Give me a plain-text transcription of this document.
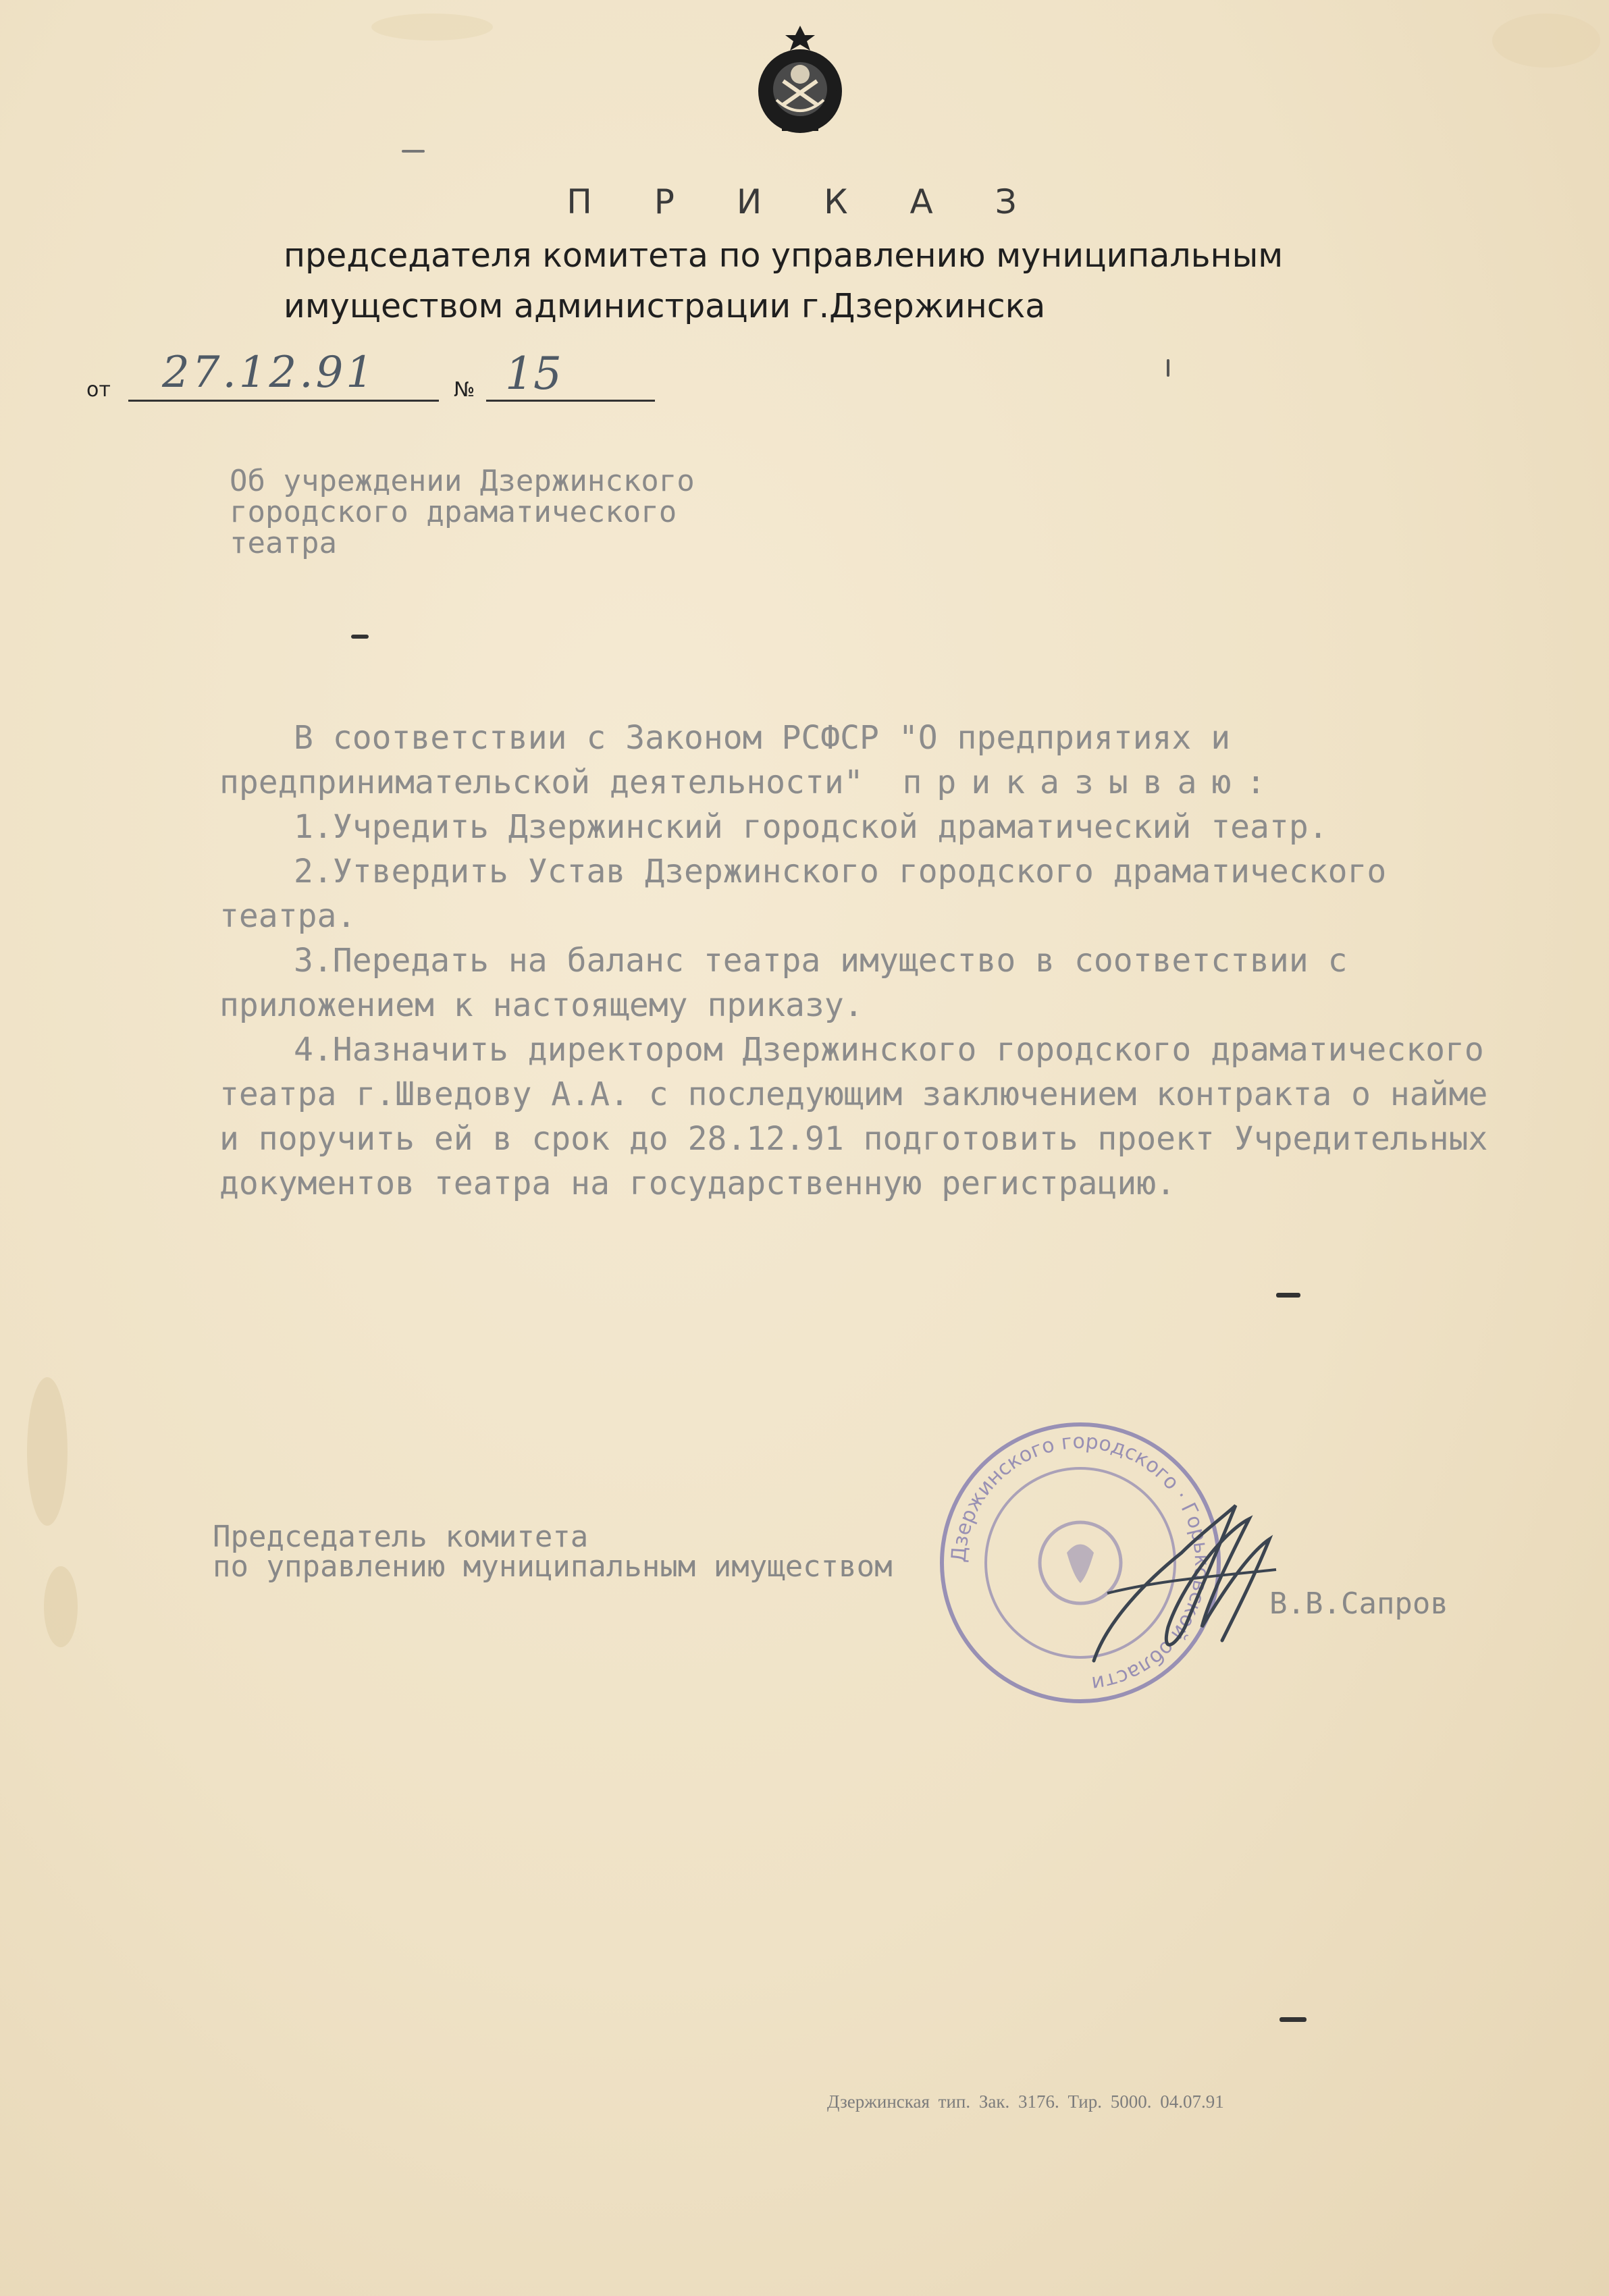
П Р И К А З
председателя комитета по управлению муниципальным
имуществом администрации г.Дзержинска
от 27.12.91	№ 15
Об учреждении Дзержинского
городского драматического
театра

В соответствии с Законом РСФСР "О предприятиях и предпринимательской деятельности" приказываю:

1.Учредить Дзержинский городской драматический театр.

2.Утвердить Устав Дзержинского городского драматического театра.

3.Передать на баланс театра имущество в соответствии с приложением к настоящему приказу.

4.Назначить директором Дзержинского городского драматического театра г.Шведову А.А. с последующим заключением контракта о найме и поручить ей в срок до 28.12.91 подготовить проект Учредительных документов театра на государственную регистрацию.

Дзержинского городского · Горьковской области
Председатель комитета
по управлению муниципальным имуществом
В.В.Сапров
Дзержинская тип. Зак. 3176. Тир. 5000. 04.07.91
